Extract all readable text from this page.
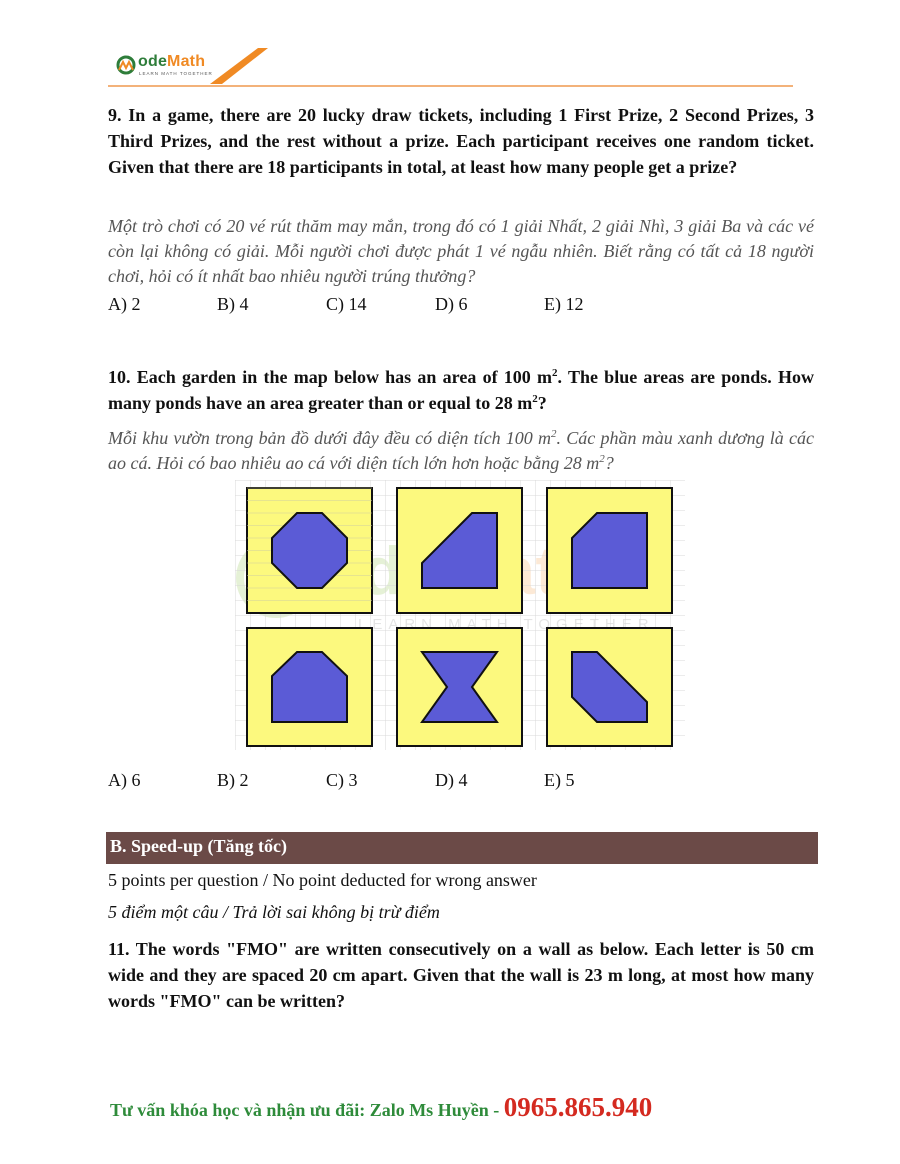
odeMath
LEARN MATH TOGETHER
9. In a game, there are 20 lucky draw tickets, including 1 First Prize, 2 Second Prizes, 3 Third Prizes, and the rest without a prize. Each participant receives one random ticket. Given that there are 18 participants in total, at least how many people get a prize?
Một trò chơi có 20 vé rút thăm may mắn, trong đó có 1 giải Nhất, 2 giải Nhì, 3 giải Ba và các vé còn lại không có giải. Mỗi người chơi được phát 1 vé ngẫu nhiên. Biết rằng có tất cả 18 người chơi, hỏi có ít nhất bao nhiêu người trúng thưởng?
A) 2	B) 4	C) 14	D) 6	E) 12
10. Each garden in the map below has an area of 100 $m^2$. The blue areas are ponds. How many ponds have an area greater than or equal to 28 $m^2$?
Mỗi khu vườn trong bản đồ dưới đây đều có diện tích 100 $m^2$. Các phần màu xanh dương là các ao cá. Hỏi có bao nhiêu ao cá với diện tích lớn hơn hoặc bằng 28 $m^2$?
A) 6	B) 2	C) 3	D) 4	E) 5
B. Speed-up (Tăng tốc)
5 points per question / No point deducted for wrong answer
5 điểm một câu / Trả lời sai không bị trừ điểm
11. The words "FMO" are written consecutively on a wall as below. Each letter is 50 cm wide and they are spaced 20 cm apart. Given that the wall is 23 m long, at most how many words "FMO" can be written?
Tư vấn khóa học và nhận ưu đãi: Zalo Ms Huyền - 0965.865.940
